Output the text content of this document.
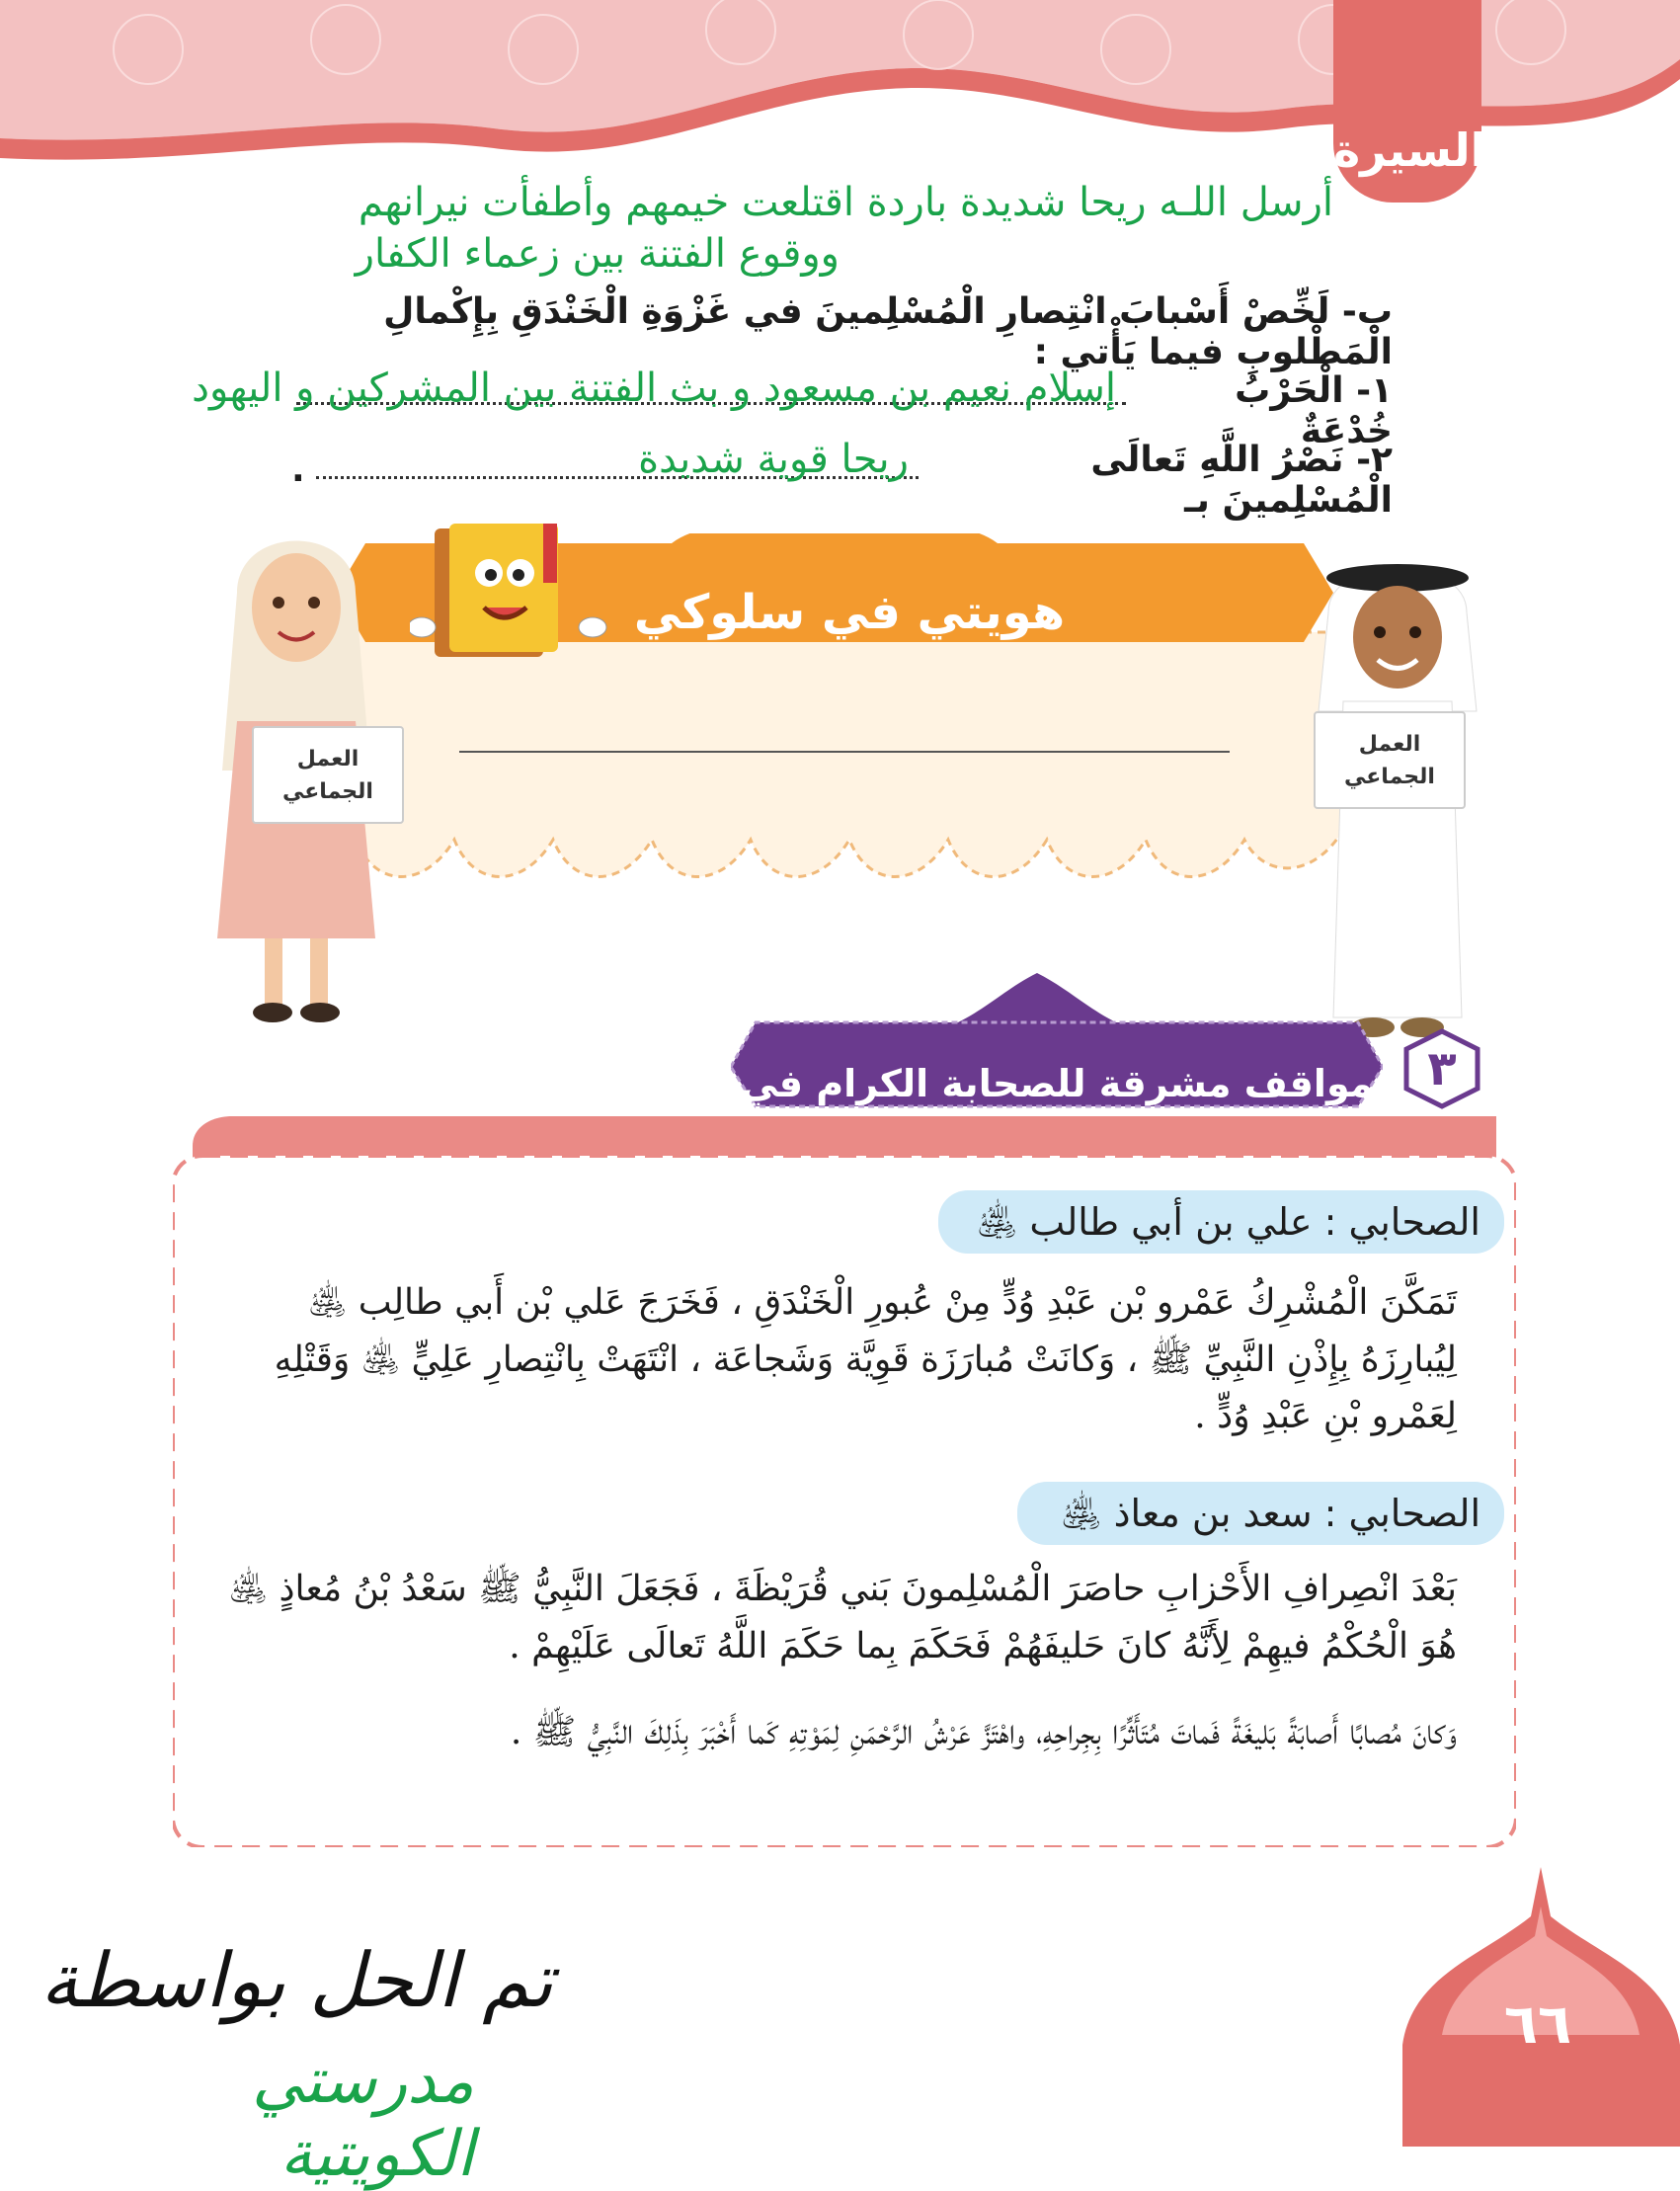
السيرة
أرسل اللـه ريحا شديدة باردة اقتلعت خيمهم وأطفأت نيرانهم
ووقوع الفتنة بين زعماء الكفار
ب- لَخِّصْ أَسْبابَ انْتِصارِ الْمُسْلِمينَ في غَزْوَةِ الْخَنْدَقِ بِإِكْمالِ الْمَطْلوبِ فيما يَأْتي :
١- الْحَرْبُ خُدْعَةٌ
إسلام نعيم بن مسعود و بث الفتنة بين المشركين و اليهود
٢- نَصْرُ اللَّهِ تَعالَى الْمُسْلِمينَ بـ
.	ريحا قوية شديدة
هويتي في سلوكي
العمل الجماعي
العمل الجماعي
مواقف مشرقة للصحابة الكرام في	٣
الصحابي : علي بن أبي طالب ﵁
تَمَكَّنَ الْمُشْرِكُ عَمْرو بْن عَبْدِ وُدٍّ مِنْ عُبورِ الْخَنْدَقِ ، فَخَرَجَ عَلي بْن أَبي طالِب ﵁ لِيُبارِزَهُ بِإِذْنِ النَّبِيِّ ﷺ ، وَكانَتْ مُبارَزَة قَوِيَّة وَشَجاعَة ، انْتَهَتْ بِانْتِصارِ عَلِيٍّ ﵁ وَقَتْلِهِ لِعَمْرو بْنِ عَبْدِ وُدٍّ .
الصحابي : سعد بن معاذ ﵁
بَعْدَ انْصِرافِ الأَحْزابِ حاصَرَ الْمُسْلِمونَ بَني قُرَيْظَةَ ، فَجَعَلَ النَّبِيُّ ﷺ سَعْدُ بْنُ مُعاذٍ ﵁ هُوَ الْحُكْمُ فيهِمْ لِأَنَّهُ كانَ حَليفَهُمْ فَحَكَمَ بِما حَكَمَ اللَّهُ تَعالَى عَلَيْهِمْ .
وَكانَ مُصابًا أَصابَةً بَليغَةً فَماتَ مُتَأَثِّرًا بِجِراحِهِ، واهْتَزَّ عَرْشُ الرَّحْمَنِ لِمَوْتِهِ كَما أَخْبَرَ بِذَلِكَ النَّبِيُّ ﷺ .
٦٦
تم الحل بواسطة
مدرستي الكويتية
